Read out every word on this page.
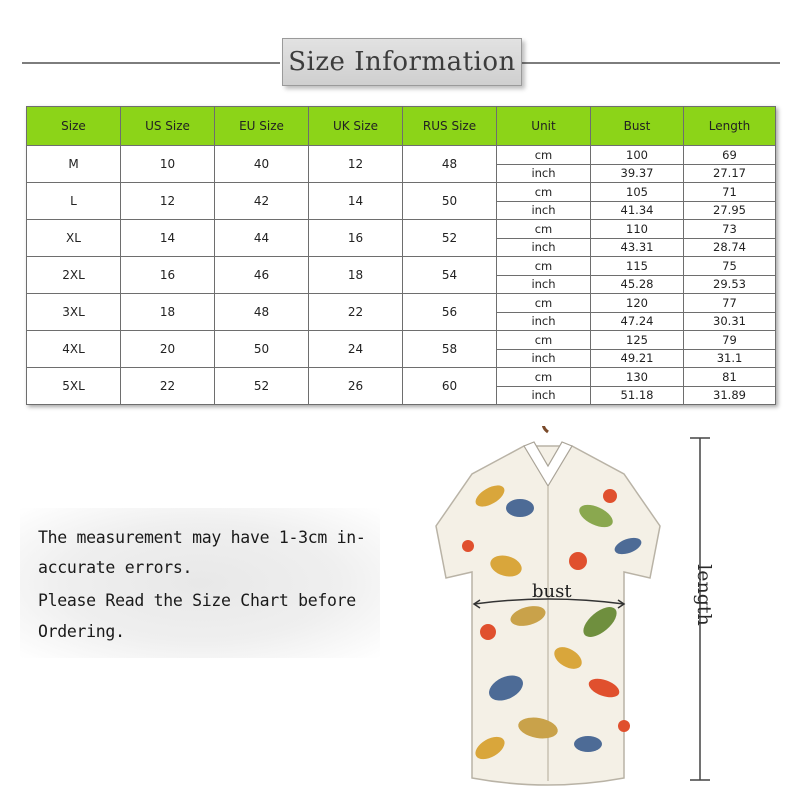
Size Information
Size	US Size	EU Size	UK Size	RUS Size	Unit	Bust	Length
M	10	40	12	48	cm	100	69
					inch	39.37	27.17
L	12	42	14	50	cm	105	71
					inch	41.34	27.95
XL	14	44	16	52	cm	110	73
					inch	43.31	28.74
2XL	16	46	18	54	cm	115	75
					inch	45.28	29.53
3XL	18	48	22	56	cm	120	77
					inch	47.24	30.31
4XL	20	50	24	58	cm	125	79
					inch	49.21	31.1
5XL	22	52	26	60	cm	130	81
					inch	51.18	31.89
The measurement may have 1-3cm in-
accurate errors.
Please Read the Size Chart before
Ordering.
bust	length
